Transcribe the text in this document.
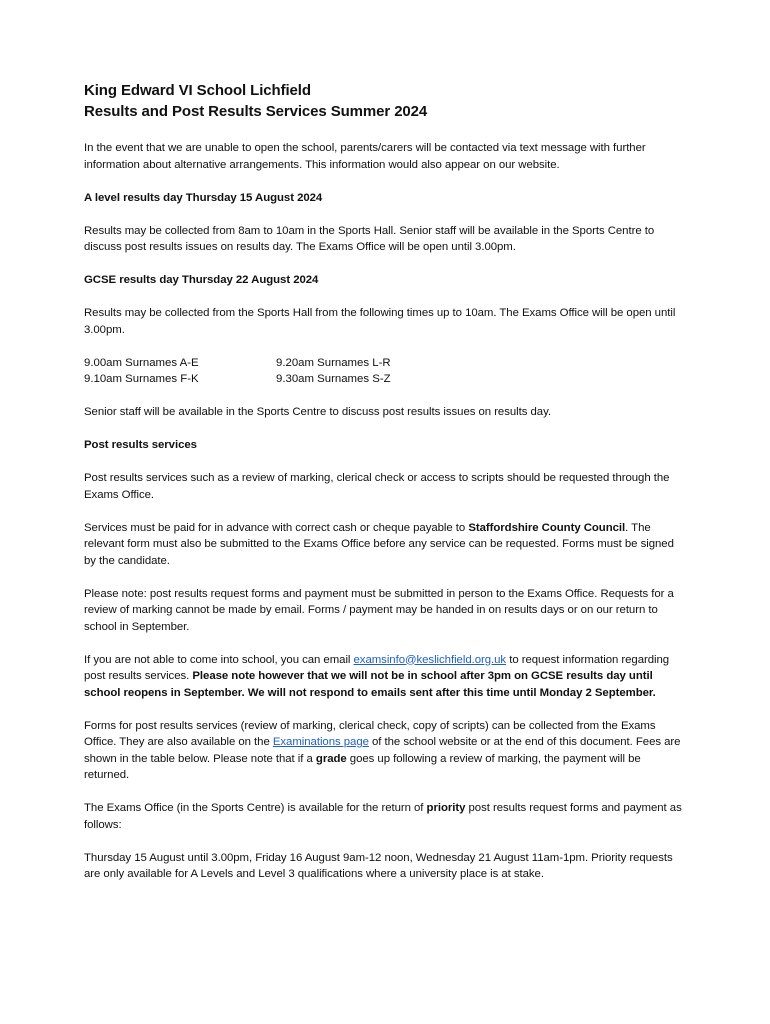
King Edward VI School Lichfield
Results and Post Results Services Summer 2024

In the event that we are unable to open the school, parents/carers will be contacted via text message with further information about alternative arrangements. This information would also appear on our website.

A level results day Thursday 15 August 2024

Results may be collected from 8am to 10am in the Sports Hall. Senior staff will be available in the Sports Centre to discuss post results issues on results day. The Exams Office will be open until 3.00pm.

GCSE results day Thursday 22 August 2024

Results may be collected from the Sports Hall from the following times up to 10am. The Exams Office will be open until 3.00pm.

9.00am Surnames A-E	9.20am Surnames L-R
9.10am Surnames F-K	9.30am Surnames S-Z

Senior staff will be available in the Sports Centre to discuss post results issues on results day.

Post results services

Post results services such as a review of marking, clerical check or access to scripts should be requested through the Exams Office.

Services must be paid for in advance with correct cash or cheque payable to Staffordshire County Council. The relevant form must also be submitted to the Exams Office before any service can be requested. Forms must be signed by the candidate.

Please note: post results request forms and payment must be submitted in person to the Exams Office. Requests for a review of marking cannot be made by email. Forms / payment may be handed in on results days or on our return to school in September.

If you are not able to come into school, you can email examsinfo@keslichfield.org.uk to request information regarding post results services. Please note however that we will not be in school after 3pm on GCSE results day until school reopens in September. We will not respond to emails sent after this time until Monday 2 September.

Forms for post results services (review of marking, clerical check, copy of scripts) can be collected from the Exams Office. They are also available on the Examinations page of the school website or at the end of this document. Fees are shown in the table below. Please note that if a grade goes up following a review of marking, the payment will be returned.

The Exams Office (in the Sports Centre) is available for the return of priority post results request forms and payment as follows:

Thursday 15 August until 3.00pm, Friday 16 August 9am-12 noon, Wednesday 21 August 11am-1pm. Priority requests are only available for A Levels and Level 3 qualifications where a university place is at stake.
